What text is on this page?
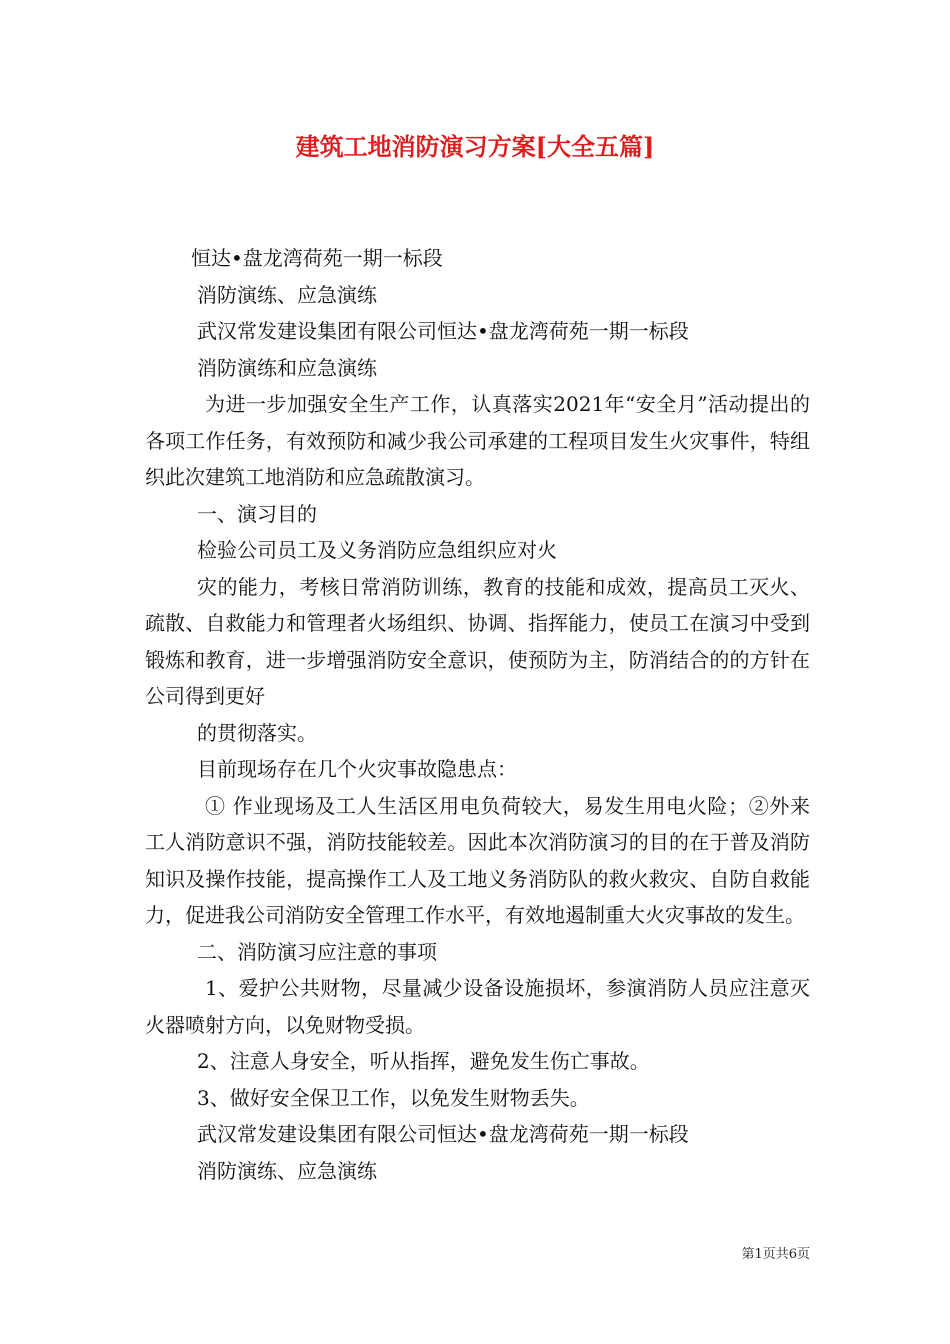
建筑工地消防演习方案[大全五篇]

恒达•盘龙湾荷苑一期一标段

消防演练、应急演练

武汉常发建设集团有限公司恒达•盘龙湾荷苑一期一标段

消防演练和应急演练

为进一步加强安全生产工作，认真落实2021年“安全月”活动提出的各项工作任务，有效预防和减少我公司承建的工程项目发生火灾事件，特组织此次建筑工地消防和应急疏散演习。

一、演习目的

检验公司员工及义务消防应急组织应对火

灾的能力，考核日常消防训练，教育的技能和成效，提高员工灭火、疏散、自救能力和管理者火场组织、协调、指挥能力，使员工在演习中受到锻炼和教育，进一步增强消防安全意识，使预防为主，防消结合的的方针在公司得到更好

的贯彻落实。

目前现场存在几个火灾事故隐患点：

① 作业现场及工人生活区用电负荷较大，易发生用电火险；②外来工人消防意识不强，消防技能较差。因此本次消防演习的目的在于普及消防知识及操作技能，提高操作工人及工地义务消防队的救火救灾、自防自救能力，促进我公司消防安全管理工作水平，有效地遏制重大火灾事故的发生。

二、消防演习应注意的事项

1、爱护公共财物，尽量减少设备设施损坏，参演消防人员应注意灭火器喷射方向，以免财物受损。

2、注意人身安全，听从指挥，避免发生伤亡事故。

3、做好安全保卫工作，以免发生财物丢失。

武汉常发建设集团有限公司恒达•盘龙湾荷苑一期一标段

消防演练、应急演练

第1页共6页
